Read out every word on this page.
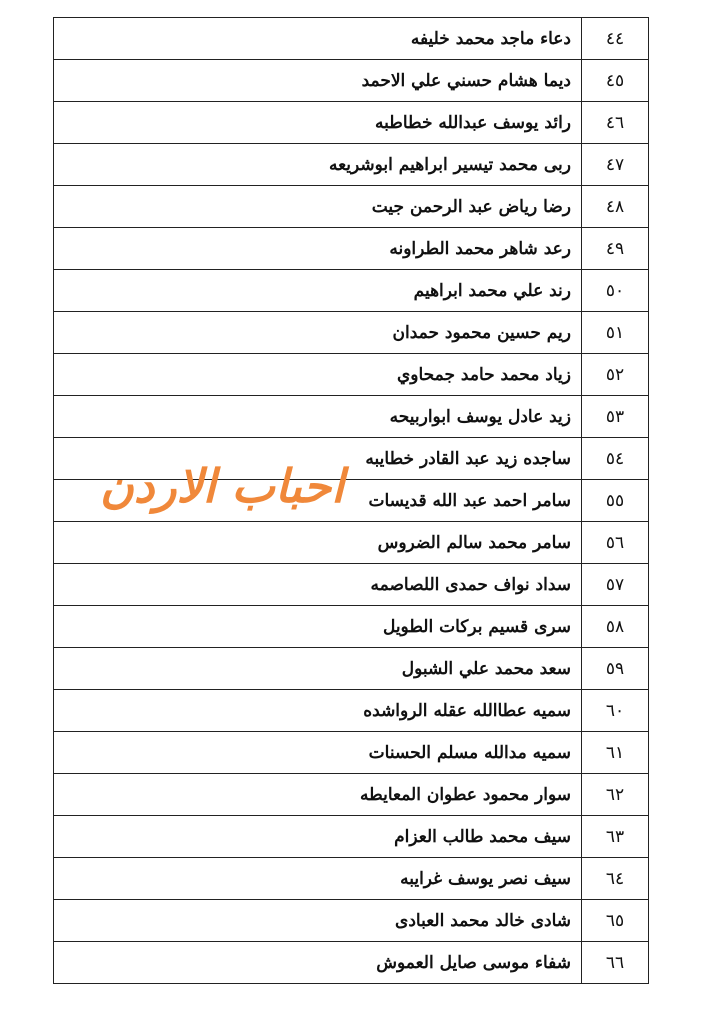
٤٤	دعاء ماجد محمد خليفه
٤٥	ديما هشام حسني علي الاحمد
٤٦	رائد يوسف عبدالله خطاطبه
٤٧	ربى محمد تيسير ابراهيم ابوشريعه
٤٨	رضا رياض عبد الرحمن جيت
٤٩	رعد شاهر محمد الطراونه
٥٠	رند علي محمد ابراهيم
٥١	ريم حسين محمود حمدان
٥٢	زياد محمد حامد جمحاوي
٥٣	زيد عادل يوسف ابواربيحه
٥٤	ساجده زيد عبد القادر خطايبه
٥٥	سامر احمد عبد الله قديسات
٥٦	سامر محمد سالم الضروس
٥٧	سداد نواف حمدى اللصاصمه
٥٨	سرى قسيم بركات الطويل
٥٩	سعد محمد علي الشبول
٦٠	سميه عطاالله عقله الرواشده
٦١	سميه مدالله مسلم الحسنات
٦٢	سوار محمود عطوان المعايطه
٦٣	سيف محمد طالب العزام
٦٤	سيف نصر يوسف غرايبه
٦٥	شادى خالد محمد العبادى
٦٦	شفاء موسى صايل العموش
احباب الاردن
